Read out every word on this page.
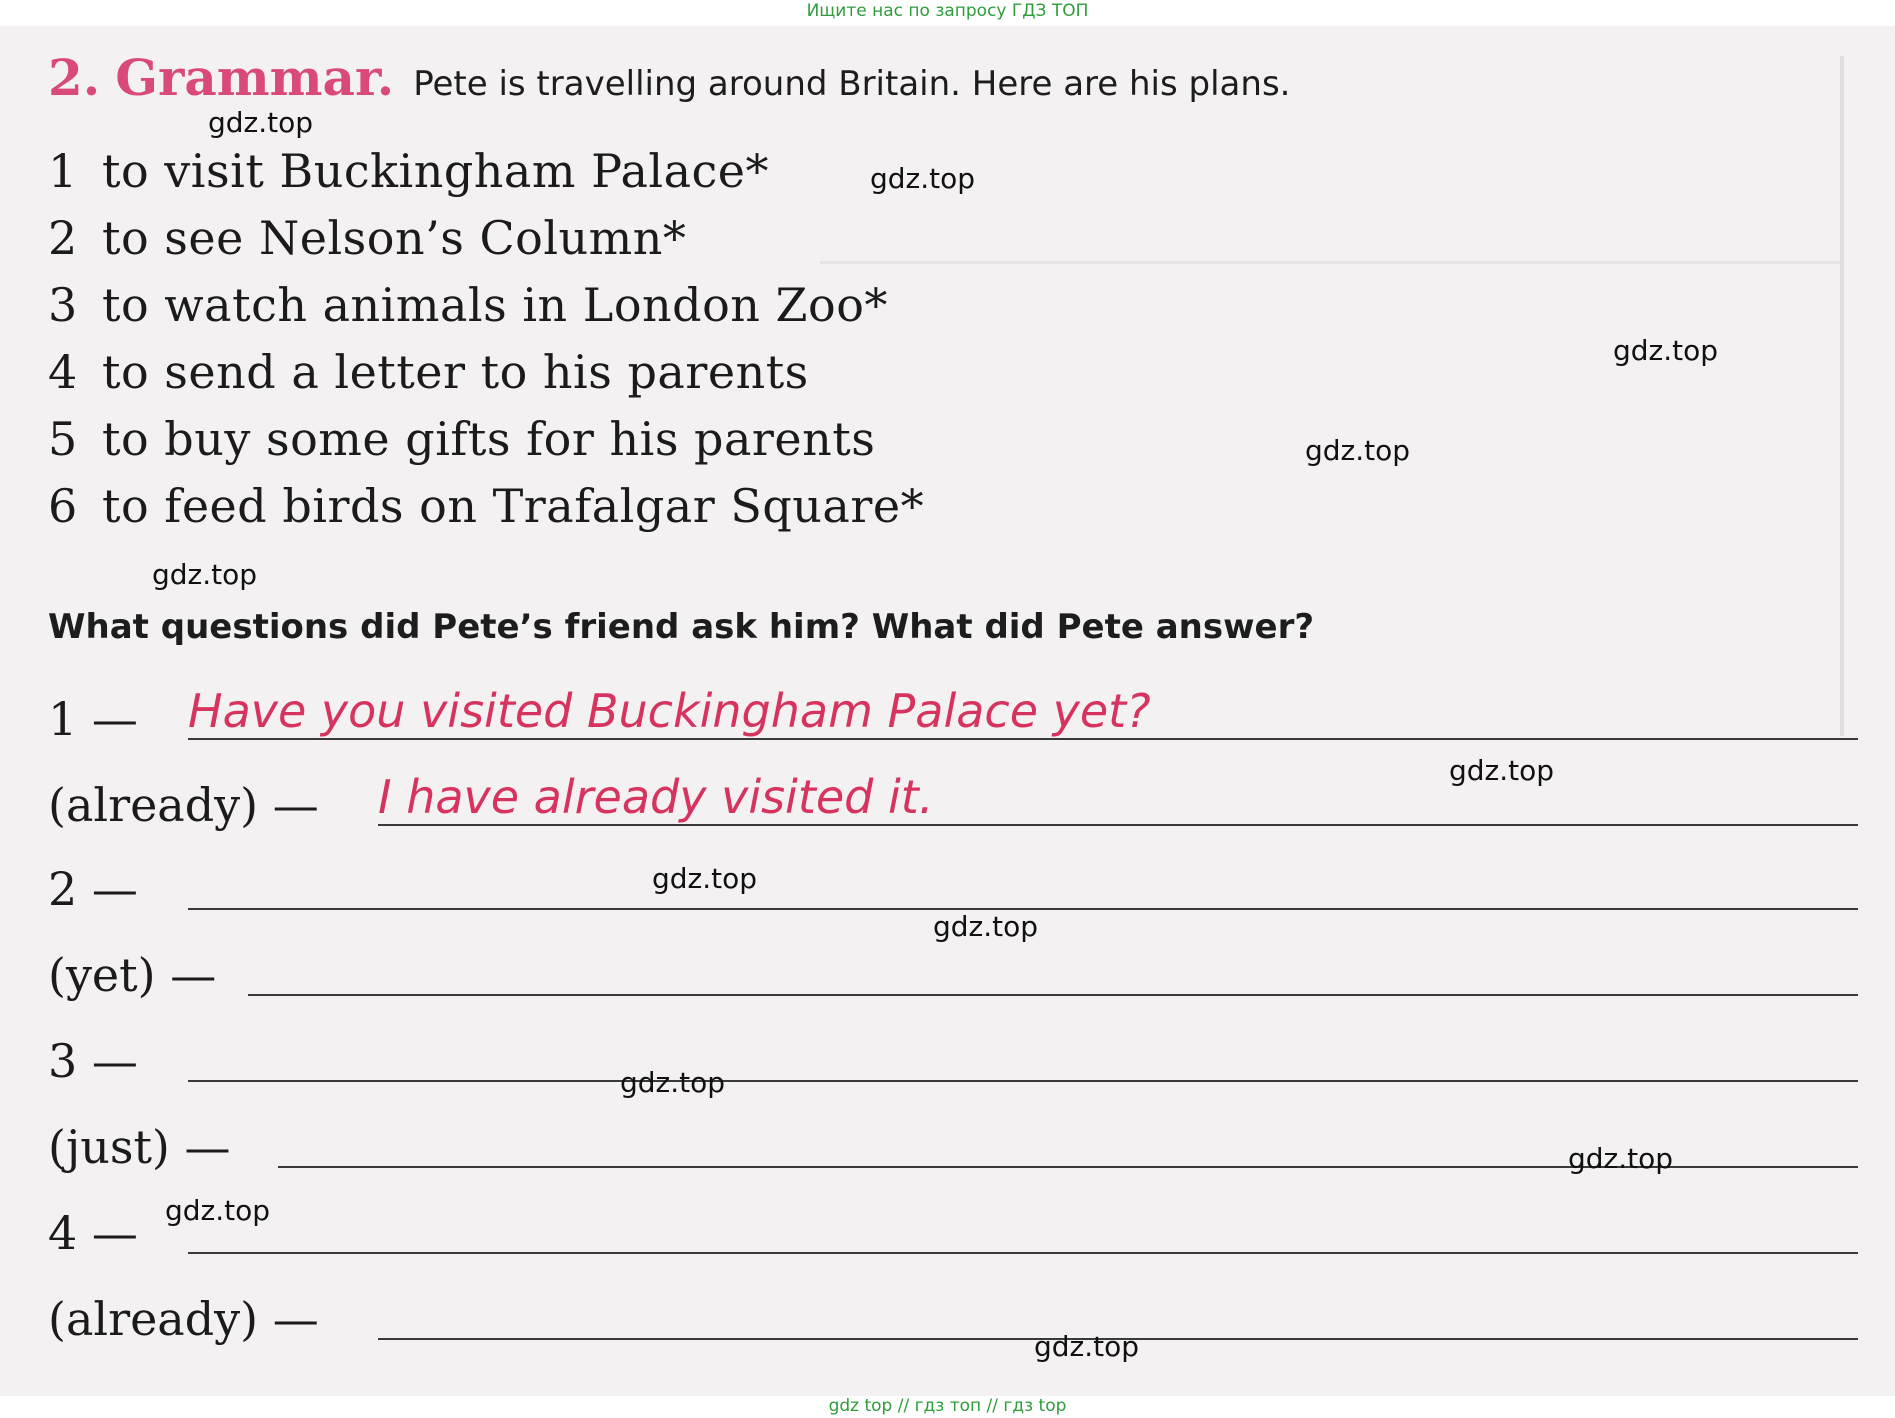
Ищите нас по запросу ГДЗ ТОП
2. Grammar. Pete is travelling around Britain. Here are his plans.
1 to visit Buckingham Palace*
2 to see Nelson’s Column*
3 to watch animals in London Zoo*
4 to send a letter to his parents
5 to buy some gifts for his parents
6 to feed birds on Trafalgar Square*
What questions did Pete’s friend ask him? What did Pete answer?
1 — Have you visited Buckingham Palace yet?
(already) — I have already visited it.
2 —
(yet) —
3 —
(just) —
4 —
(already) —
gdz.top
gdz.top
gdz.top
gdz.top
gdz.top
gdz.top
gdz.top
gdz.top
gdz.top
gdz.top
gdz.top
gdz.top
gdz top // гдз топ // гдз top
